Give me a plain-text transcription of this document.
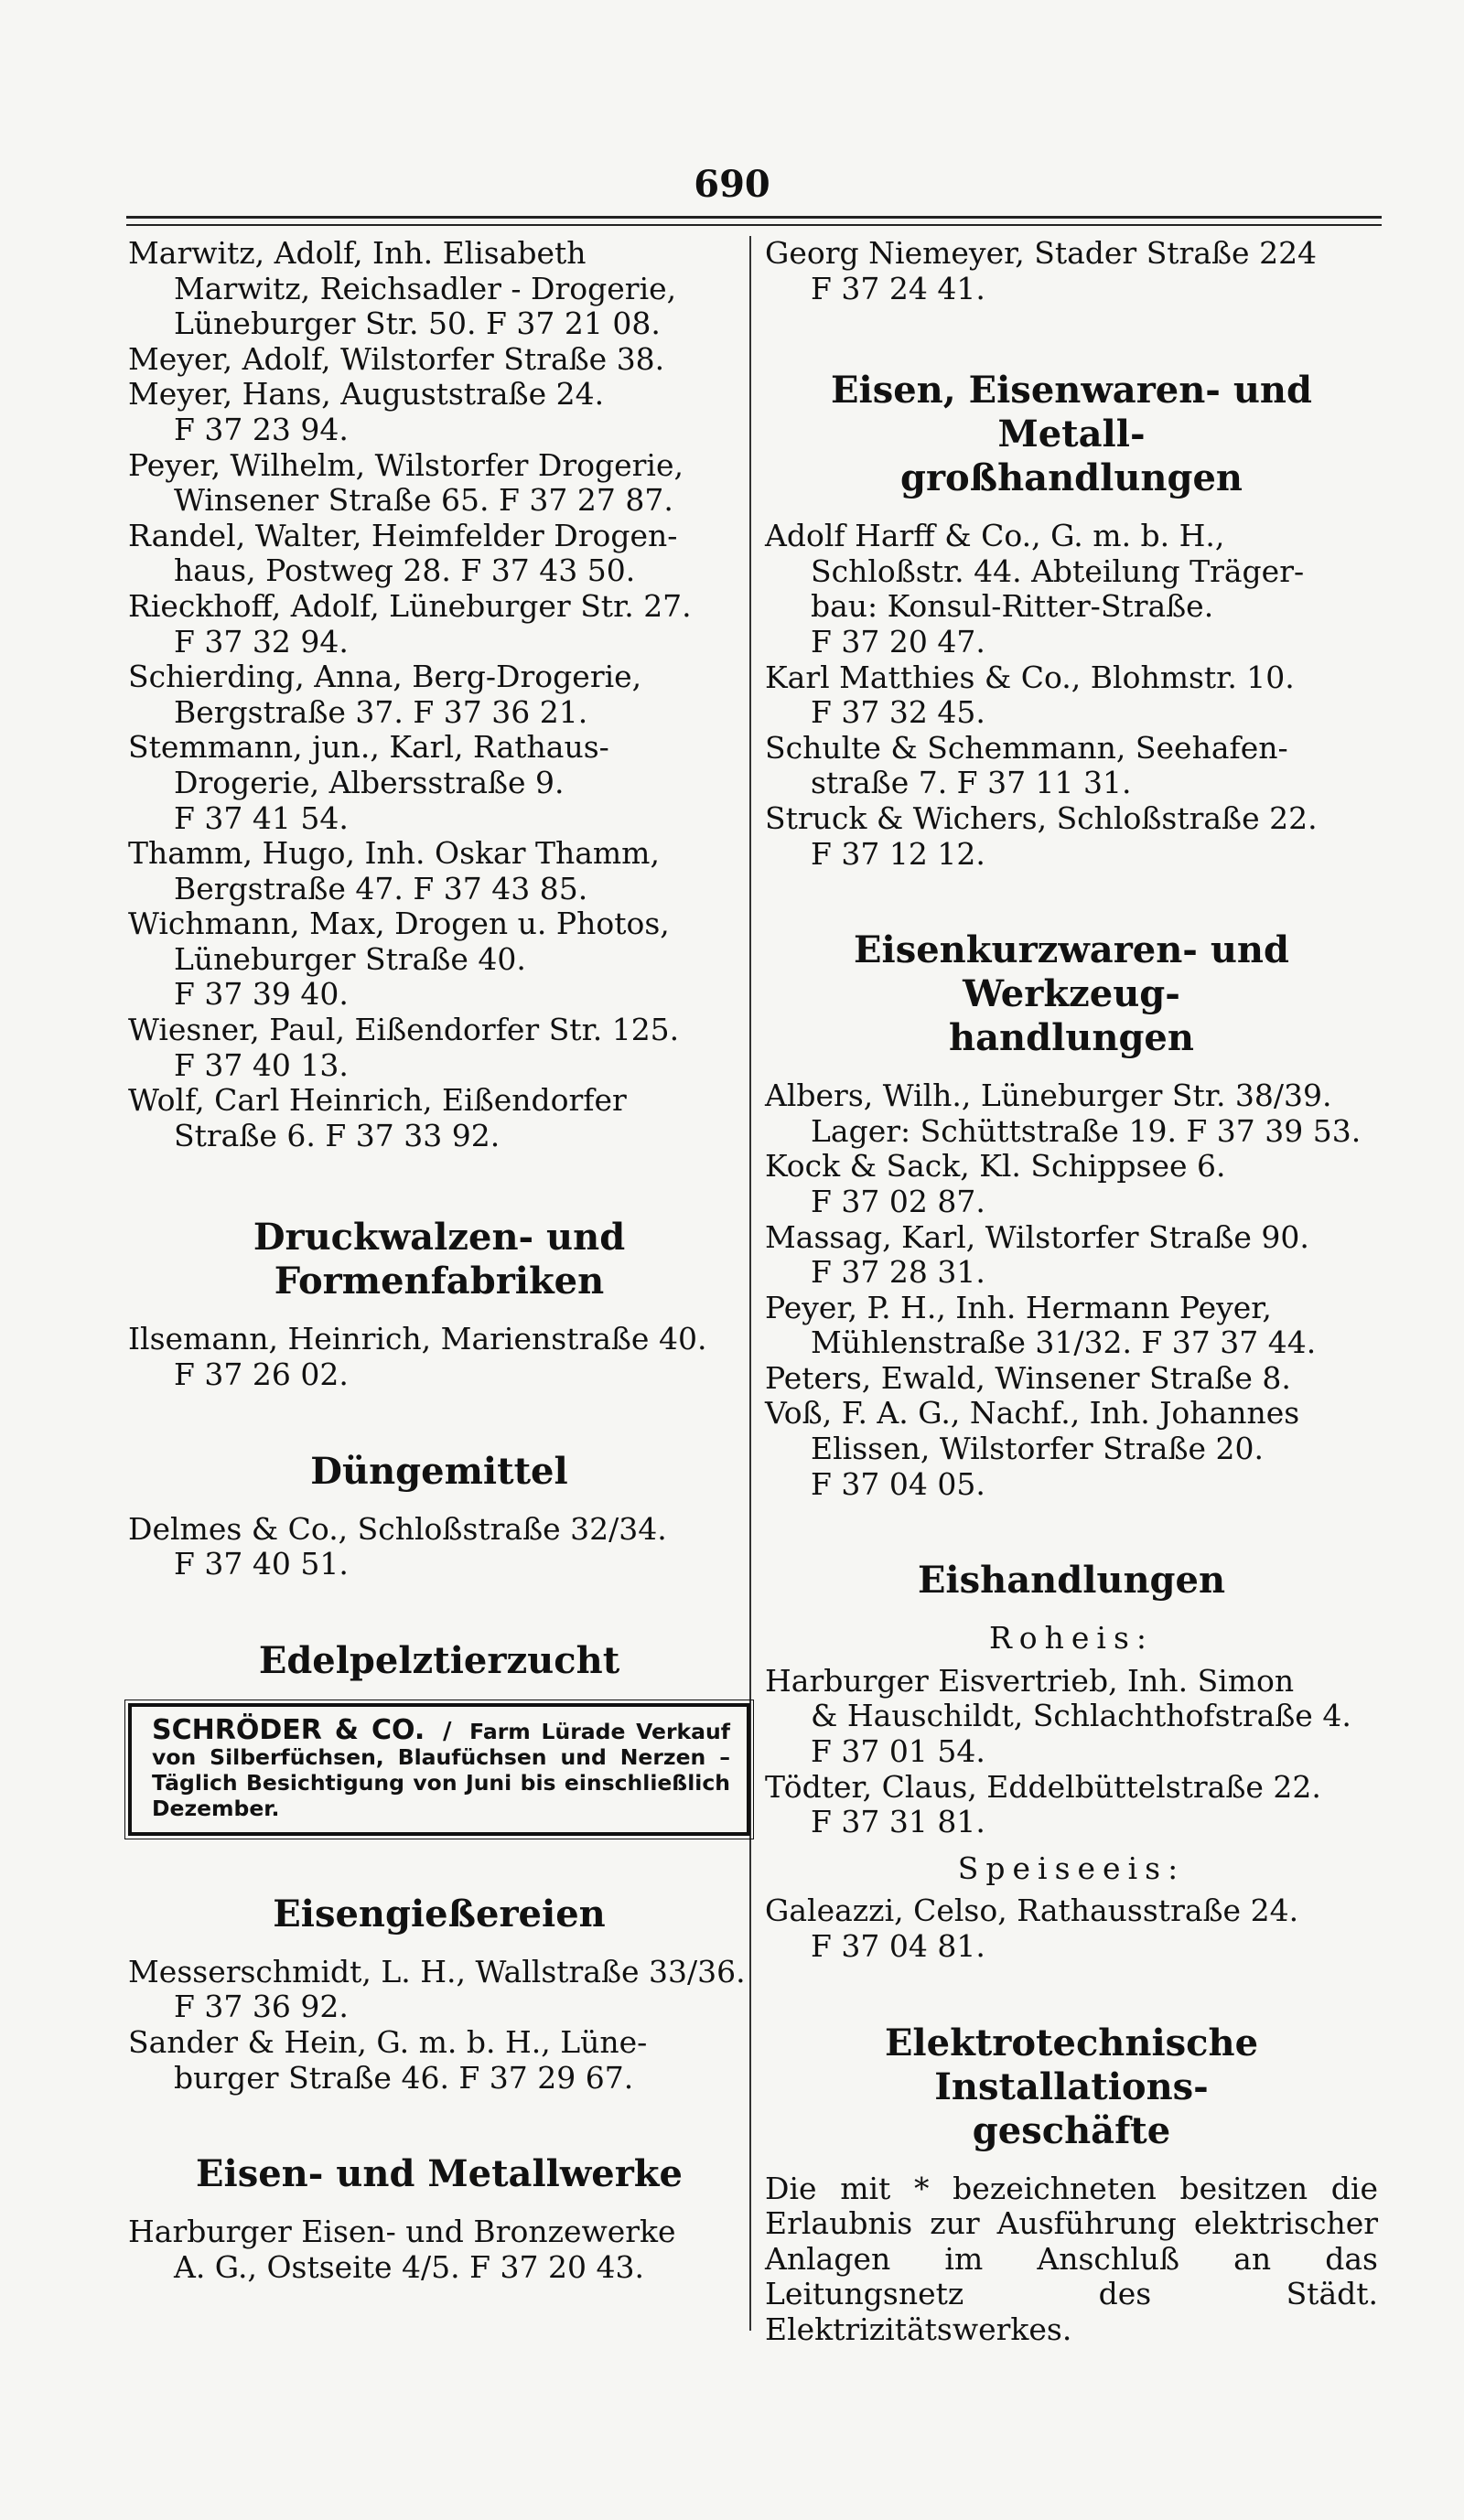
690
Marwitz, Adolf, Inh. Elisabeth
Marwitz, Reichsadler - Drogerie,
Lüneburger Str. 50. F 37 21 08.
Meyer, Adolf, Wilstorfer Straße 38.
Meyer, Hans, Auguststraße 24.
F 37 23 94.
Peyer, Wilhelm, Wilstorfer Drogerie,
Winsener Straße 65. F 37 27 87.
Randel, Walter, Heimfelder Drogen-
haus, Postweg 28. F 37 43 50.
Rieckhoff, Adolf, Lüneburger Str. 27.
F 37 32 94.
Schierding, Anna, Berg-Drogerie,
Bergstraße 37. F 37 36 21.
Stemmann, jun., Karl, Rathaus-
Drogerie, Albersstraße 9.
F 37 41 54.
Thamm, Hugo, Inh. Oskar Thamm,
Bergstraße 47. F 37 43 85.
Wichmann, Max, Drogen u. Photos,
Lüneburger Straße 40.
F 37 39 40.
Wiesner, Paul, Eißendorfer Str. 125.
F 37 40 13.
Wolf, Carl Heinrich, Eißendorfer
Straße 6. F 37 33 92.
Druckwalzen- und
Formenfabriken
Ilsemann, Heinrich, Marienstraße 40.
F 37 26 02.
Düngemittel
Delmes & Co., Schloßstraße 32/34.
F 37 40 51.
Edelpelztierzucht
SCHRÖDER & CO. / Farm Lürade Verkauf von Silberfüchsen, Blaufüchsen und Nerzen – Täglich Besichtigung von Juni bis einschließlich Dezember.
Eisengießereien
Messerschmidt, L. H., Wallstraße 33/36.
F 37 36 92.
Sander & Hein, G. m. b. H., Lüne-
burger Straße 46. F 37 29 67.
Eisen- und Metallwerke
Harburger Eisen- und Bronzewerke
A. G., Ostseite 4/5. F 37 20 43.
Georg Niemeyer, Stader Straße 224
F 37 24 41.
Eisen, Eisenwaren- und Metall-
großhandlungen
Adolf Harff & Co., G. m. b. H.,
Schloßstr. 44. Abteilung Träger-
bau: Konsul-Ritter-Straße.
F 37 20 47.
Karl Matthies & Co., Blohmstr. 10.
F 37 32 45.
Schulte & Schemmann, Seehafen-
straße 7. F 37 11 31.
Struck & Wichers, Schloßstraße 22.
F 37 12 12.
Eisenkurzwaren- und Werkzeug-
handlungen
Albers, Wilh., Lüneburger Str. 38/39.
Lager: Schüttstraße 19. F 37 39 53.
Kock & Sack, Kl. Schippsee 6.
F 37 02 87.
Massag, Karl, Wilstorfer Straße 90.
F 37 28 31.
Peyer, P. H., Inh. Hermann Peyer,
Mühlenstraße 31/32. F 37 37 44.
Peters, Ewald, Winsener Straße 8.
Voß, F. A. G., Nachf., Inh. Johannes
Elissen, Wilstorfer Straße 20.
F 37 04 05.
Eishandlungen
Roheis:
Harburger Eisvertrieb, Inh. Simon
& Hauschildt, Schlachthofstraße 4.
F 37 01 54.
Tödter, Claus, Eddelbüttelstraße 22.
F 37 31 81.
Speiseeis:
Galeazzi, Celso, Rathausstraße 24.
F 37 04 81.
Elektrotechnische Installations-
geschäfte
Die mit * bezeichneten besitzen die Erlaubnis zur Ausführung elektrischer Anlagen im Anschluß an das Leitungsnetz des Städt. Elektrizitätswerkes.
